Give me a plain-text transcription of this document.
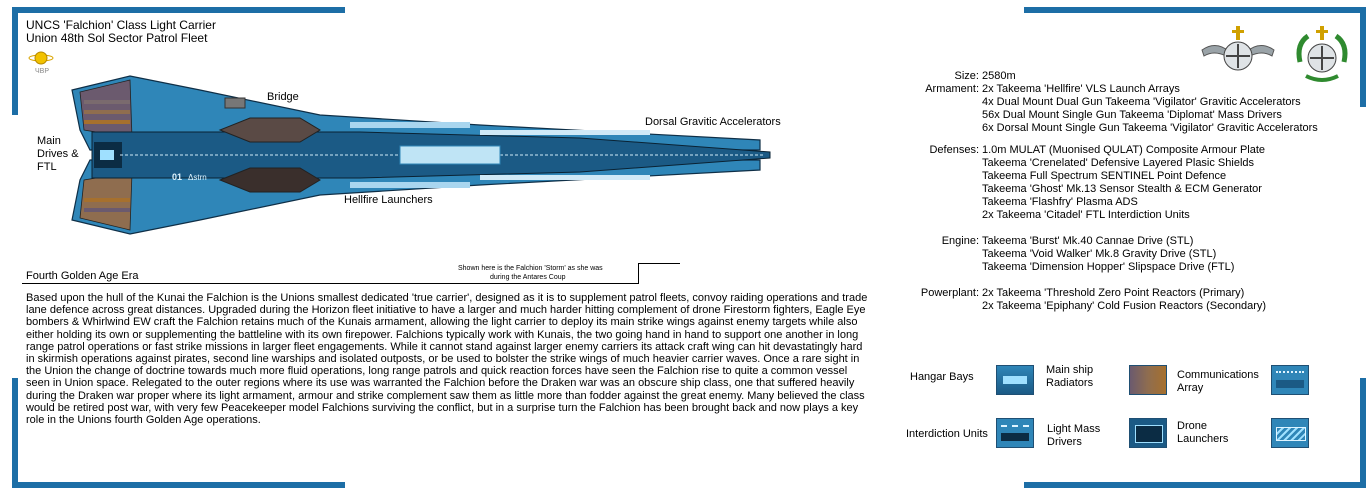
UNCS 'Falchion' Class Light Carrier
Union 48th Sol Sector Patrol Fleet
ЧВР
01 Δstrn
Bridge
Main
Drives &
FTL
Dorsal Gravitic Accelerators
Hellfire Launchers
Fourth Golden Age Era
Shown here is the Falchion 'Storm' as she was
during the Antares Coup
Based upon the hull of the Kunai the Falchion is the Unions smallest dedicated 'true carrier', designed as it is to supplement patrol fleets, convoy raiding operations and trade lane defence across great distances. Upgraded during the Horizon fleet initiative to have a larger and much harder hitting complement of drone Firestorm fighters, Eagle Eye bombers & Whirlwind EW craft the Falchion retains much of the Kunais armament, allowing the light carrier to deploy its main strike wings against enemy targets while also either holding its own or supplementing the battleline with its own firepower. Falchions typically work with Kunais, the two going hand in hand to support one another in long range patrol operations or fast strike missions in larger fleet engagements. While it cannot stand against larger enemy carriers its attack craft wing can hit devastatingly hard in skirmish operations against pirates, second line warships and isolated outposts, or be used to bolster the strike wings of much heavier carrier waves. Once a rare sight in the Union the change of doctrine towards much more fluid operations, long range patrols and quick reaction forces have seen the Falchion rise to quite a common vessel seen in Union space. Relegated to the outer regions where its use was warranted the Falchion before the Draken war was an obscure ship class, one that suffered heavily during the Draken war proper where its light armament, armour and strike complement saw them as little more than fodder against the great enemy. Many believed the class would be retired post war, with very few Peacekeeper model Falchions surviving the conflict, but in a surprise turn the Falchion has been brought back and now plays a key role in the Unions fourth Golden Age operations.
Size: 2580m
Armament: 2x Takeema 'Hellfire' VLS Launch Arrays
4x Dual Mount Dual Gun Takeema 'Vigilator' Gravitic Accelerators
56x Dual Mount Single Gun Takeema 'Diplomat' Mass Drivers
6x Dorsal Mount Single Gun Takeema 'Vigilator' Gravitic Accelerators
Defenses: 1.0m MULAT (Muonised QULAT) Composite Armour Plate
Takeema 'Crenelated' Defensive Layered Plasic Shields
Takeema Full Spectrum SENTINEL Point Defence
Takeema 'Ghost' Mk.13 Sensor Stealth & ECM Generator
Takeema 'Flashfry' Plasma ADS
2x Takeema 'Citadel' FTL Interdiction Units
Engine: Takeema 'Burst' Mk.40 Cannae Drive (STL)
Takeema 'Void Walker' Mk.8 Gravity Drive (STL)
Takeema 'Dimension Hopper' Slipspace Drive (FTL)
Powerplant: 2x Takeema 'Threshold Zero Point Reactors (Primary)
2x Takeema 'Epiphany' Cold Fusion Reactors (Secondary)
Hangar Bays
Main ship
Radiators
Communications
Array
Interdiction Units	Light Mass
Drivers
Drone
Launchers
